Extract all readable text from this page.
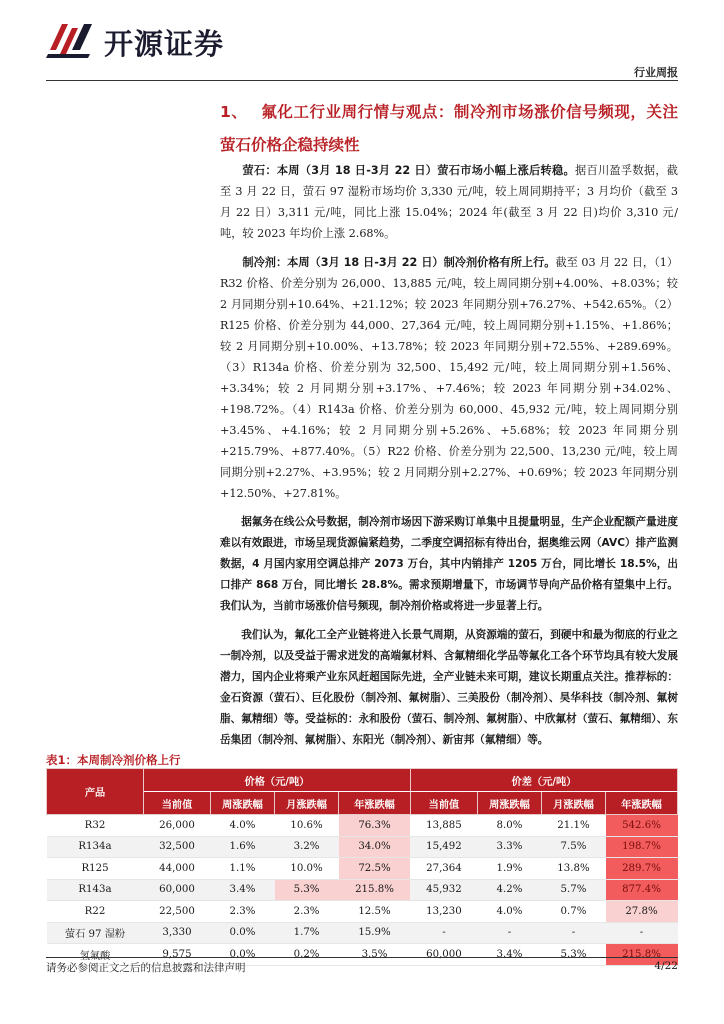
开源证券
行业周报
1、 氟化工行业周行情与观点：制冷剂市场涨价信号频现，关注萤石价格企稳持续性

萤石：本周（3月 18 日-3月 22 日）萤石市场小幅上涨后转稳。据百川盈孚数据，截至 3 月 22 日，萤石 97 湿粉市场均价 3,330 元/吨，较上周同期持平；3 月均价（截至 3 月 22 日）3,311 元/吨，同比上涨 15.04%；2024 年(截至 3 月 22 日)均价 3,310 元/吨，较 2023 年均价上涨 2.68%。

制冷剂：本周（3月 18 日-3月 22 日）制冷剂价格有所上行。截至 03 月 22 日，（1）R32 价格、价差分别为 26,000、13,885 元/吨，较上周同期分别+4.00%、+8.03%；较 2 月同期分别+10.64%、+21.12%；较 2023 年同期分别+76.27%、+542.65%。（2）R125 价格、价差分别为 44,000、27,364 元/吨，较上周同期分别+1.15%、+1.86%；较 2 月同期分别+10.00%、+13.78%；较 2023 年同期分别+72.55%、+289.69%。（3）R134a 价格、价差分别为 32,500、15,492 元/吨，较上周同期分别+1.56%、+3.34%；较 2 月同期分别+3.17%、+7.46%；较 2023 年同期分别+34.02%、+198.72%。（4）R143a 价格、价差分别为 60,000、45,932 元/吨，较上周同期分别+3.45%、+4.16%；较 2 月同期分别+5.26%、+5.68%；较 2023 年同期分别+215.79%、+877.40%。（5）R22 价格、价差分别为 22,500、13,230 元/吨，较上周同期分别+2.27%、+3.95%；较 2 月同期分别+2.27%、+0.69%；较 2023 年同期分别+12.50%、+27.81%。

据氟务在线公众号数据，制冷剂市场因下游采购订单集中且提量明显，生产企业配额产量进度难以有效跟进，市场呈现货源偏紧趋势，二季度空调招标有待出台，据奥维云网（AVC）排产监测数据，4 月国内家用空调总排产 2073 万台，其中内销排产 1205 万台，同比增长 18.5%，出口排产 868 万台，同比增长 28.8%。需求预期增量下，市场调节导向产品价格有望集中上行。我们认为，当前市场涨价信号频现，制冷剂价格或将进一步显著上行。

我们认为，氟化工全产业链将进入长景气周期，从资源端的萤石，到硬中和最为彻底的行业之一制冷剂，以及受益于需求迸发的高端氟材料、含氟精细化学品等氟化工各个环节均具有较大发展潜力，国内企业将乘产业东风赶超国际先进，全产业链未来可期，建议长期重点关注。推荐标的：金石资源（萤石）、巨化股份（制冷剂、氟树脂）、三美股份（制冷剂）、昊华科技（制冷剂、氟树脂、氟精细）等。受益标的：永和股份（萤石、制冷剂、氟树脂）、中欣氟材（萤石、氟精细）、东岳集团（制冷剂、氟树脂）、东阳光（制冷剂）、新宙邦（氟精细）等。

表1：本周制冷剂价格上行
产品	价格（元/吨）				价差（元/吨）			
	当前值	周涨跌幅	月涨跌幅	年涨跌幅	当前值	周涨跌幅	月涨跌幅	年涨跌幅
R32	26,000	4.0%	10.6%	76.3%	13,885	8.0%	21.1%	542.6%
R134a	32,500	1.6%	3.2%	34.0%	15,492	3.3%	7.5%	198.7%
R125	44,000	1.1%	10.0%	72.5%	27,364	1.9%	13.8%	289.7%
R143a	60,000	3.4%	5.3%	215.8%	45,932	4.2%	5.7%	877.4%
R22	22,500	2.3%	2.3%	12.5%	13,230	4.0%	0.7%	27.8%
萤石 97 湿粉	3,330	0.0%	1.7%	15.9%	-	-	-	-
氢氟酸	9,575	0.0%	0.2%	3.5%	60,000	3.4%	5.3%	215.8%
请务必参阅正文之后的信息披露和法律声明	4/22
